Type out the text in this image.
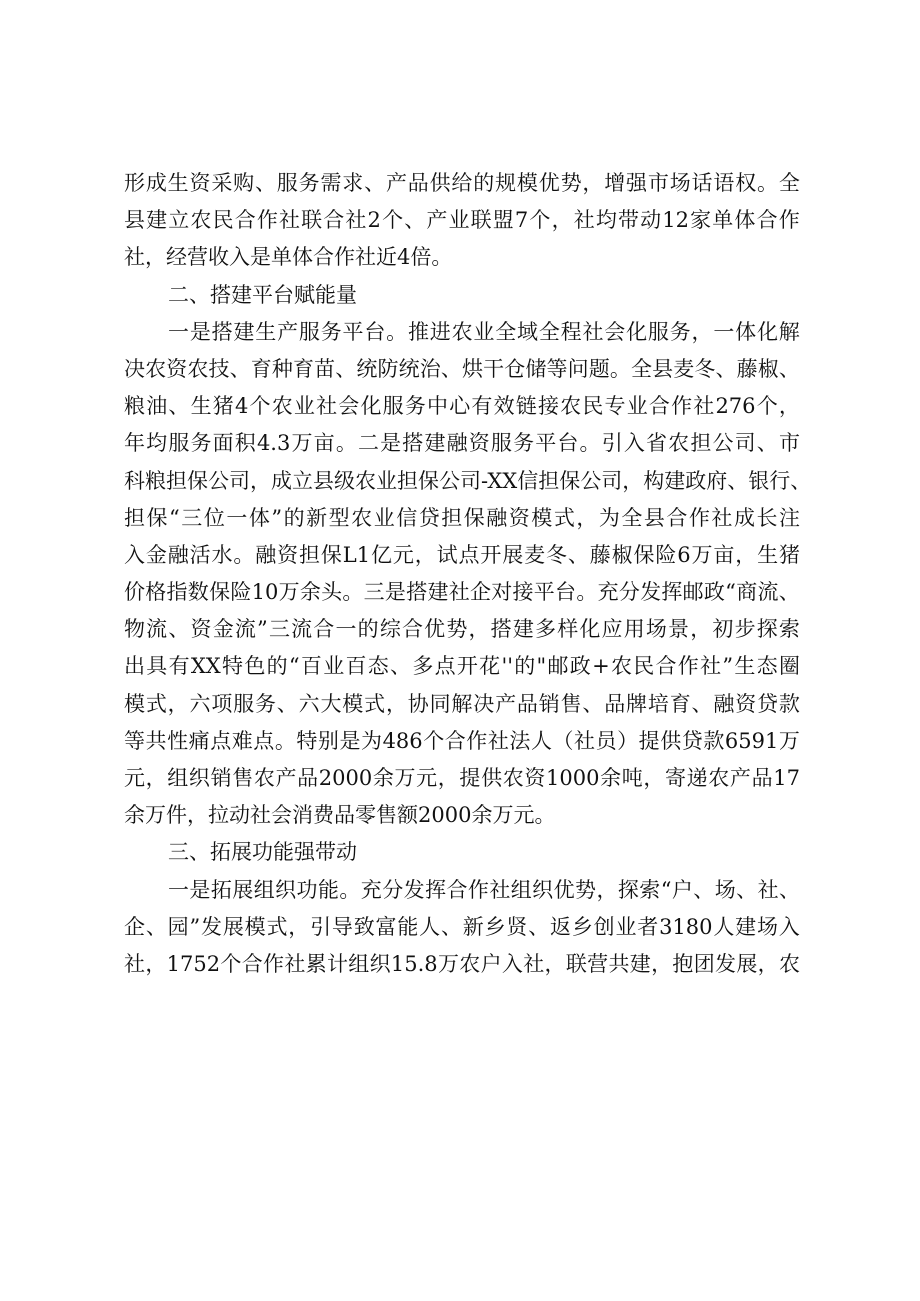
形 成 生 资 采 购 、 服 务 需 求 、 产 品 供 给 的 规 模 优 势 ， 增 强 市 场 话 语 权 。 全
县 建 立 农 民 合 作 社 联 合 社 2 个 、 产 业 联 盟 7 个 ， 社 均 带 动 12 家 单 体 合 作
社，经营收入是单体合作社近4倍。
二、搭建平台赋能量
一 是 搭 建 生 产 服 务 平 台 。 推 进 农 业 全 域 全 程 社 会 化 服 务 ， 一 体 化 解
决 农 资 农 技 、 育 种 育 苗 、 统 防 统 治 、 烘 干 仓 储 等 问 题 。 全 县 麦 冬 、 藤 椒 、
粮 油 、 生 猪 4 个 农 业 社 会 化 服 务 中 心 有 效 链 接 农 民 专 业 合 作 社 276 个 ，
年 均 服 务 面 积 4.3 万 亩 。 二 是 搭 建 融 资 服 务 平 台 。 引 入 省 农 担 公 司 、 市
科 粮 担 保 公 司 ， 成 立 县 级 农 业 担 保 公 司 -XX 信 担 保 公 司 ， 构 建 政 府 、 银 行 、
担 保 “ 三 位 一 体 ” 的 新 型 农 业 信 贷 担 保 融 资 模 式 ， 为 全 县 合 作 社 成 长 注
入 金 融 活 水 。 融 资 担 保 L1 亿 元 ， 试 点 开 展 麦 冬 、 藤 椒 保 险 6 万 亩 ， 生 猪
价 格 指 数 保 险 10 万 余 头 。 三 是 搭 建 社 企 对 接 平 台 。 充 分 发 挥 邮 政 “ 商 流 、
物 流 、 资 金 流 ” 三 流 合 一 的 综 合 优 势 ， 搭 建 多 样 化 应 用 场 景 ， 初 步 探 索
出 具 有 XX 特 色 的 “ 百 业 百 态 、 多 点 开 花 '' 的 " 邮 政 + 农 民 合 作 社 ” 生 态 圈
模 式 ， 六 项 服 务 、 六 大 模 式 ， 协 同 解 决 产 品 销 售 、 品 牌 培 育 、 融 资 贷 款
等 共 性 痛 点 难 点 。 特 别 是 为 486 个 合 作 社 法 人 （ 社 员 ） 提 供 贷 款 6591 万
元 ， 组 织 销 售 农 产 品 2000 余 万 元 ， 提 供 农 资 1000 余 吨 ， 寄 递 农 产 品 17
余万件，拉动社会消费品零售额2000余万元。
三、拓展功能强带动
一 是 拓 展 组 织 功 能 。 充 分 发 挥 合 作 社 组 织 优 势 ， 探 索 “ 户 、 场 、 社 、
企 、 园 ” 发 展 模 式 ， 引 导 致 富 能 人 、 新 乡 贤 、 返 乡 创 业 者 3180 人 建 场 入
社 ， 1752 个 合 作 社 累 计 组 织 15.8 万 农 户 入 社 ， 联 营 共 建 ， 抱 团 发 展 ， 农
